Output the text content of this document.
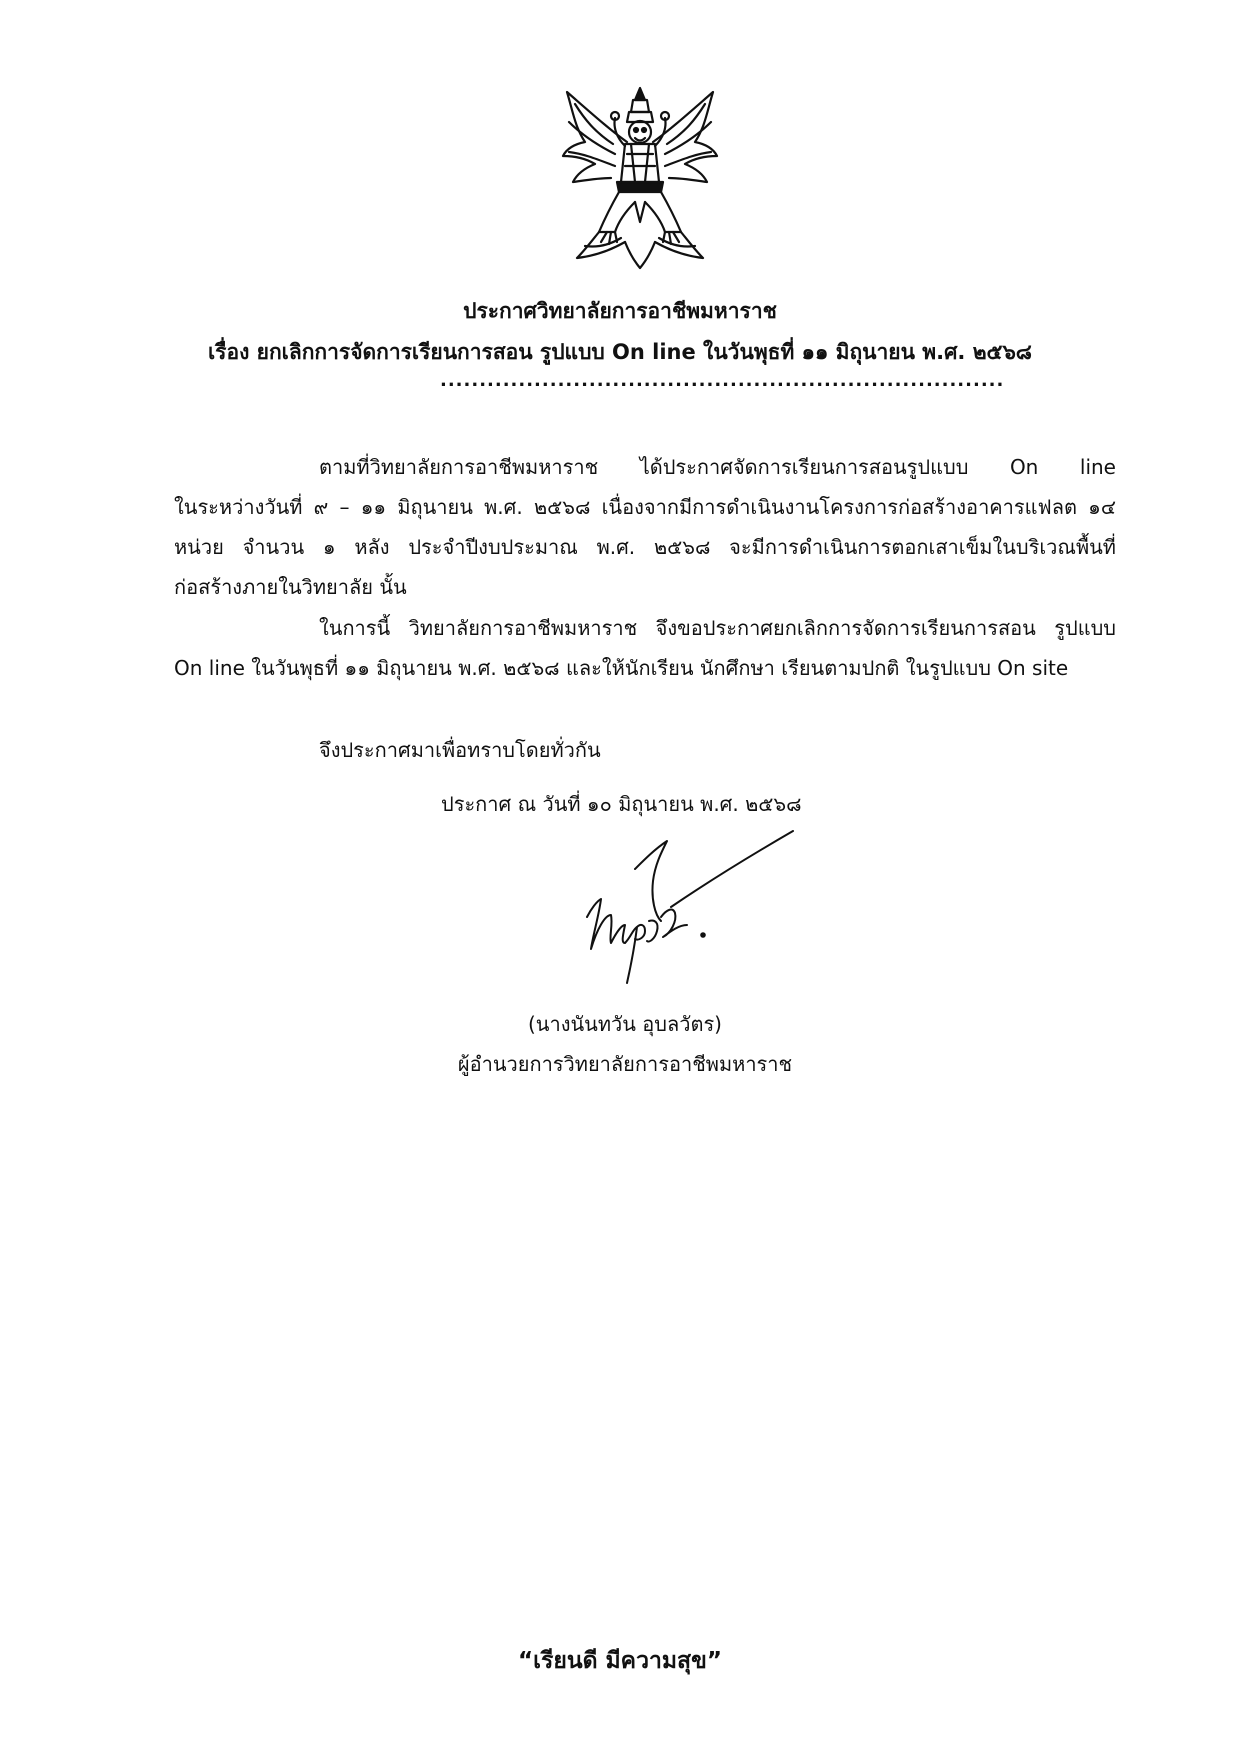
ประกาศวิทยาลัยการอาชีพมหาราช
เรื่อง ยกเลิกการจัดการเรียนการสอน รูปแบบ On line ในวันพุธที่ ๑๑ มิถุนายน พ.ศ. ๒๕๖๘
........................................................................
ตามที่วิทยาลัยการอาชีพมหาราช ได้ประกาศจัดการเรียนการสอนรูปแบบ On line
ในระหว่างวันที่ ๙ – ๑๑ มิถุนายน พ.ศ. ๒๕๖๘ เนื่องจากมีการดำเนินงานโครงการก่อสร้างอาคารแฟลต ๑๔
หน่วย จำนวน ๑ หลัง ประจำปีงบประมาณ พ.ศ. ๒๕๖๘ จะมีการดำเนินการตอกเสาเข็มในบริเวณพื้นที่
ก่อสร้างภายในวิทยาลัย นั้น
ในการนี้ วิทยาลัยการอาชีพมหาราช จึงขอประกาศยกเลิกการจัดการเรียนการสอน รูปแบบ
On line ในวันพุธที่ ๑๑ มิถุนายน พ.ศ. ๒๕๖๘ และให้นักเรียน นักศึกษา เรียนตามปกติ ในรูปแบบ On site
จึงประกาศมาเพื่อทราบโดยทั่วกัน
ประกาศ ณ วันที่ ๑๐ มิถุนายน พ.ศ. ๒๕๖๘
(นางนันทวัน อุบลวัตร)
ผู้อำนวยการวิทยาลัยการอาชีพมหาราช
“เรียนดี มีความสุข”
